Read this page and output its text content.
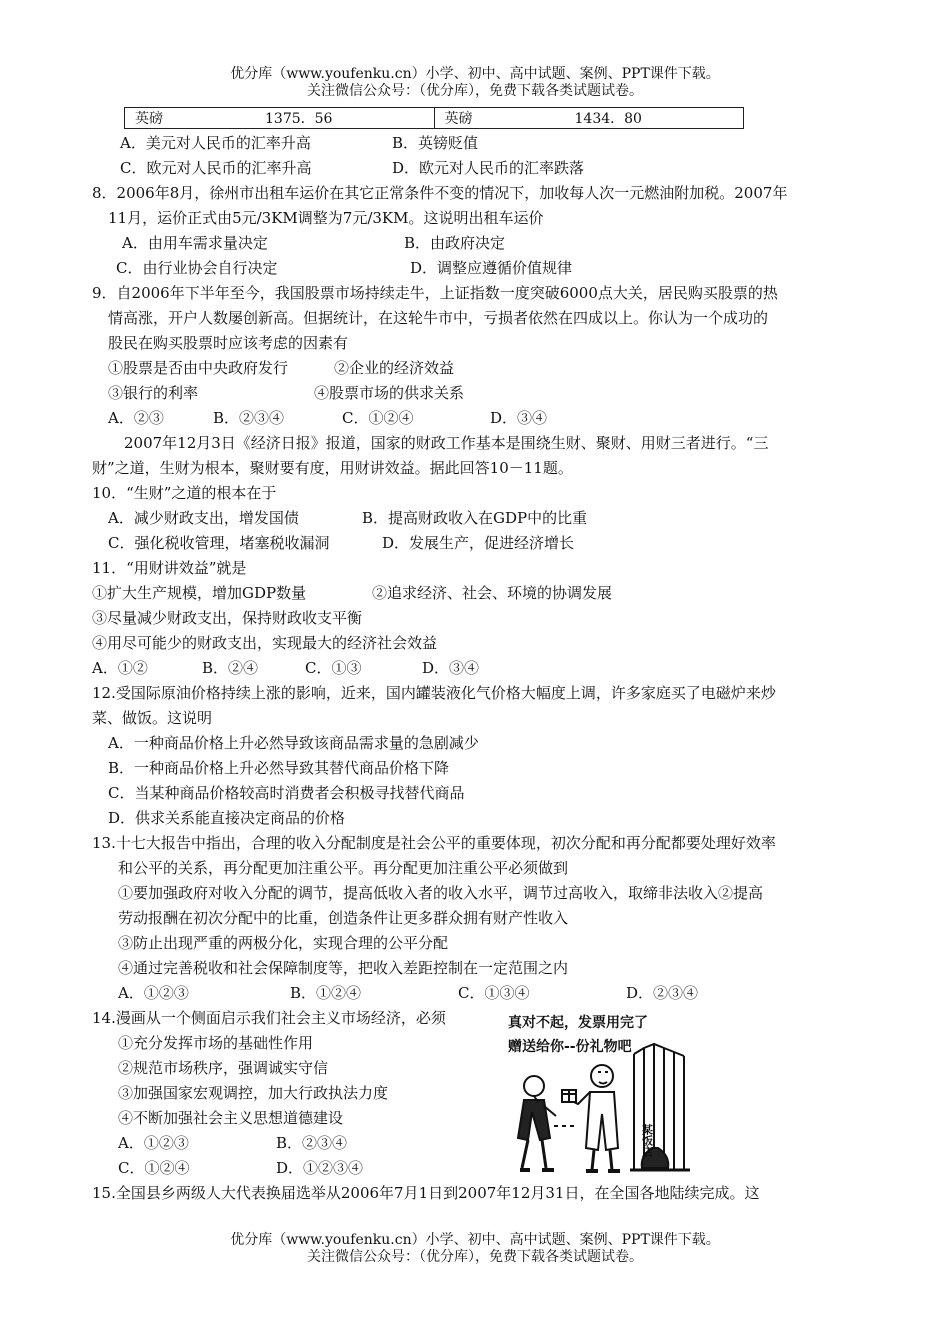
优分库（www.youfenku.cn）小学、初中、高中试题、案例、PPT课件下载。
关注微信公众号：（优分库），免费下载各类试题试卷。
英磅	1375．56	英磅	1434．80
A．美元对人民币的汇率升高	B．英镑贬值
C．欧元对人民币的汇率升高	D．欧元对人民币的汇率跌落
8．2006年8月，徐州市出租车运价在其它正常条件不变的情况下，加收每人次一元燃油附加税。2007年
11月，运价正式由5元/3KM调整为7元/3KM。这说明出租车运价
A．由用车需求量决定	B．由政府决定
C．由行业协会自行决定	D．调整应遵循价值规律
9．自2006年下半年至今，我国股票市场持续走牛，上证指数一度突破6000点大关，居民购买股票的热
情高涨，开户人数屡创新高。但据统计，在这轮牛市中，亏损者依然在四成以上。你认为一个成功的
股民在购买股票时应该考虑的因素有
①股票是否由中央政府发行	②企业的经济效益
③银行的利率	④股票市场的供求关系
A．②③	B．②③④	C．①②④	D．③④
2007年12月3日《经济日报》报道，国家的财政工作基本是围绕生财、聚财、用财三者进行。“三
财”之道，生财为根本，聚财要有度，用财讲效益。据此回答10－11题。
10．“生财”之道的根本在于
A．减少财政支出，增发国债	B．提高财政收入在GDP中的比重
C．强化税收管理，堵塞税收漏洞	D．发展生产，促进经济增长
11．“用财讲效益”就是
①扩大生产规模，增加GDP数量	②追求经济、社会、环境的协调发展
③尽量减少财政支出，保持财政收支平衡
④用尽可能少的财政支出，实现最大的经济社会效益
A．①②	B．②④	C．①③	D．③④
12.受国际原油价格持续上涨的影响，近来，国内罐装液化气价格大幅度上调，许多家庭买了电磁炉来炒
菜、做饭。这说明
A．一种商品价格上升必然导致该商品需求量的急剧减少
B．一种商品价格上升必然导致其替代商品价格下降
C．当某种商品价格较高时消费者会积极寻找替代商品
D．供求关系能直接决定商品的价格
13.十七大报告中指出，合理的收入分配制度是社会公平的重要体现，初次分配和再分配都要处理好效率
和公平的关系，再分配更加注重公平。再分配更加注重公平必须做到
①要加强政府对收入分配的调节，提高低收入者的收入水平，调节过高收入，取缔非法收入②提高
劳动报酬在初次分配中的比重，创造条件让更多群众拥有财产性收入
③防止出现严重的两极分化，实现合理的公平分配
④通过完善税收和社会保障制度等，把收入差距控制在一定范围之内
A．①②③	B．①②④	C．①③④	D．②③④
14.漫画从一个侧面启示我们社会主义市场经济，必须
①充分发挥市场的基础性作用
②规范市场秩序，强调诚实守信
③加强国家宏观调控，加大行政执法力度
④不断加强社会主义思想道德建设
A．①②③	B．②③④
C．①②④	D．①②③④
真对不起，发票用完了
赠送给你--份礼物吧
某饭店
15.全国县乡两级人大代表换届选举从2006年7月1日到2007年12月31日，在全国各地陆续完成。这
优分库（www.youfenku.cn）小学、初中、高中试题、案例、PPT课件下载。
关注微信公众号：（优分库），免费下载各类试题试卷。
